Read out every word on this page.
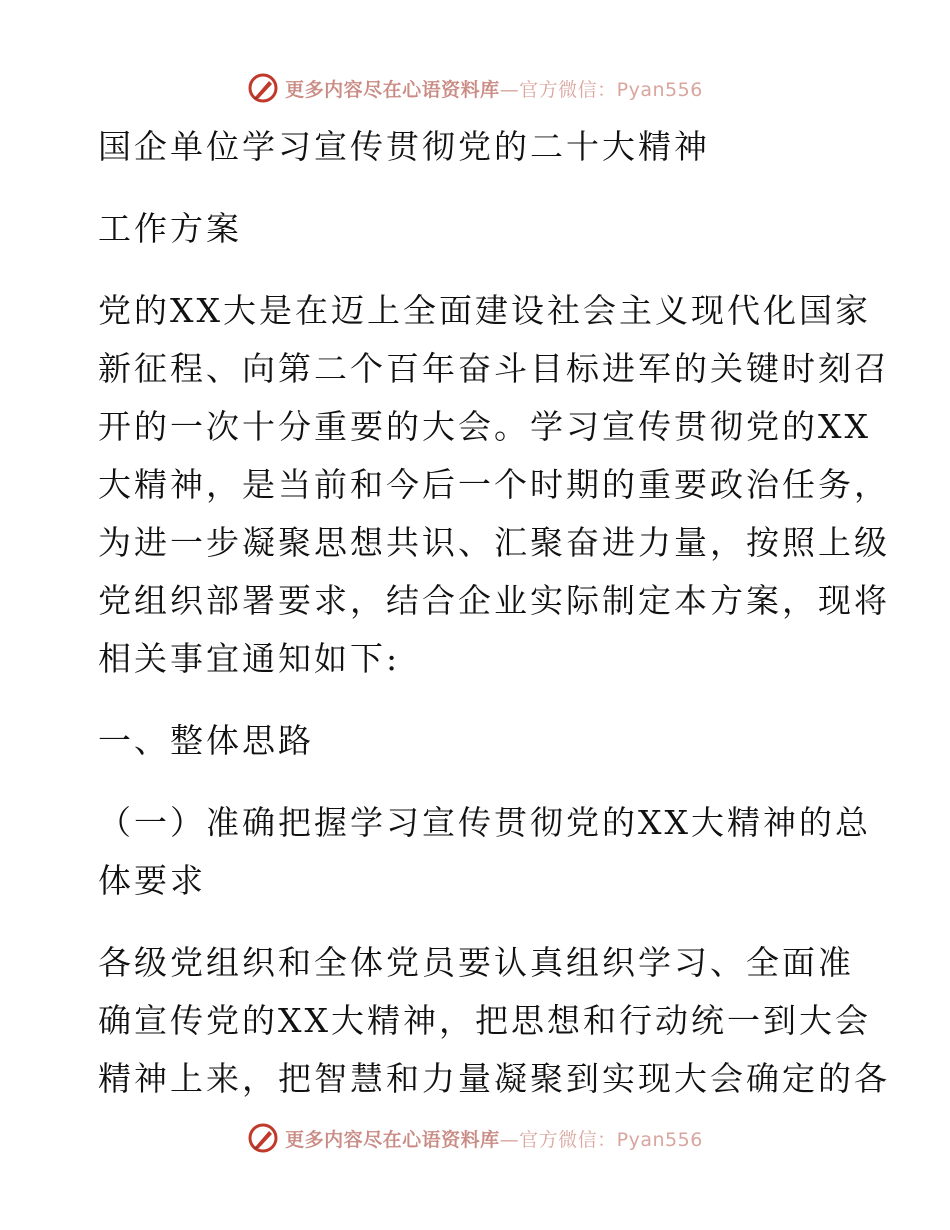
更多内容尽在心语资料库—官方微信：Pyan556
国企单位学习宣传贯彻党的二十大精神
工作方案
党的XX大是在迈上全面建设社会主义现代化国家
新征程、向第二个百年奋斗目标进军的关键时刻召
开的一次十分重要的大会。学习宣传贯彻党的XX
大精神，是当前和今后一个时期的重要政治任务，
为进一步凝聚思想共识、汇聚奋进力量，按照上级
党组织部署要求，结合企业实际制定本方案，现将
相关事宜通知如下:
一、整体思路
（一）准确把握学习宣传贯彻党的XX大精神的总
体要求
各级党组织和全体党员要认真组织学习、全面准
确宣传党的XX大精神，把思想和行动统一到大会
精神上来，把智慧和力量凝聚到实现大会确定的各
更多内容尽在心语资料库—官方微信：Pyan556
